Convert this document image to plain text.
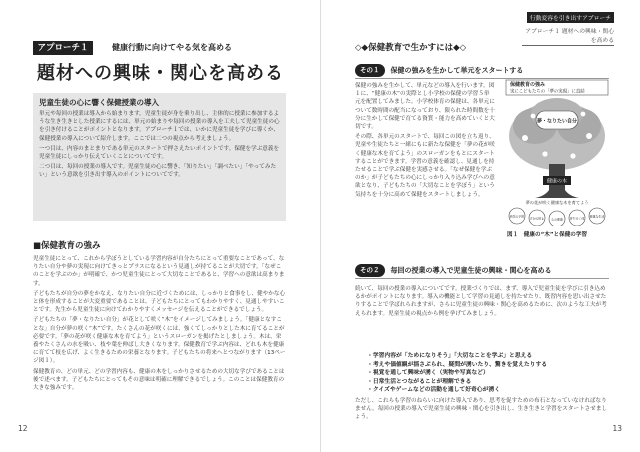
アプローチ１	健康行動に向けてやる気を高める
題材への興味・関心を高める
児童生徒の心に響く保健授業の導入

単元や毎回の授業は導入から始まります。児童生徒が身を乗り出し、主体的に授業に参加するような生き生きとした授業にするには、単元の始まりや毎回の授業の導入を工夫して児童生徒の心を引き付けることがポイントとなります。アプローチ１では、いかに児童生徒を学びに導くか、保健授業の導入について紹介します。ここでは二つの視点から考えましょう。

一つ目は、内容のまとまりである単元のスタートで押さえたいポイントです。保健を学ぶ意義を児童生徒にしっかり伝えていくことについてです。

二つ目は、毎回の授業の導入です。児童生徒の心に響き、「知りたい」「調べたい」「やってみたい」という意欲を引き出す導入のポイントについてです。

■保健教育の強み

児童生徒にとって、これから学ぼうとしている学習内容が自分たちにとって重要なことであって、なりたい自分や夢の実現に向けてきっとプラスになるという見通しが持てることが大切です。「なぜこのことを学ぶのか」が明確で、かつ児童生徒にとって大切なことであると、学習への意欲は高まります。

子どもたちが自分の夢をかなえ、なりたい自分に近づくためには、しっかりと食事をし、健やかな心と体を形成することが大変重要であることは、子どもたちにとってもわかりやすく、見通しやすいことです。先生から児童生徒に向けてわかりやすくメッセージを伝えることができるでしょう。

子どもたちの「夢・なりたい自分」が花として咲く“木”をイメージしてみましょう。「健康となすことな」自分が夢の咲く“木”です。たくさんの花が咲くには、強くてしっかりとした木に育てることが必要です。「夢の花が咲く健康な木を育てよう」というスローガンを掲げたとしましょう。木は、栄養やたくさんの水を吸い、枝や葉を伸ばし大きくなります。保健教育で学ぶ内容は、どれも木を健康に育てて枝を広げ、よく生きるための栄養となります。子どもたちの将来へとつながります（13ページ図１）。

保健教育の、どの単元、どの学習内容も、健康の木をしっかりさせるための大切な学びであることは後で述べます。子どもたちにとってもその意味は明確に理解できるでしょう。このことは保健教育の大きな強みです。

12
行動変容を引き出すアプローチ
アプローチ１ 題材への興味・関心を高める
◇◆保健教育で生かすには◆◇
その１ 保健の強みを生かして単元をスタートする

保健の強みを生かして、単元などの導入を行います。図１に、“健康の木”の実際とし小学校の保健の学習５単元を配置してみました。小学校体育の保健は、各単元について数時間の配当になっており、限られた時間数を十分に生かして保健で育てる資質・能力を高めていくと大切です。

その際、各単元のスタートで、毎回この図を立ち返り、児童や生徒たちと一緒にもに新たな保健を「夢の花が咲く健康な木を育てよう」のスローガンをもとにスタートすることができます。学習の意義を確認し、見通しを持たせることで学ぶ保健を実感させる。「なぜ保健を学ぶのか」が子どもたちの心にしっかり入り込み学びへの意欲となり、子どもたちの「大切なことを学ぼう」という気持ちを十分に高めて保健をスタートしましょう。

保健教育の強み
実にこどもたちの「夢の実現」に直結
夢・なりたい自分
健康の木
夢の花が咲く健康な木を育てよう
病気の予防 けがの防止 心の健康 育ちゆく体 健康な生活
図１　健康の“木”と保健の学習
その２ 毎回の授業の導入で児童生徒の興味・関心を高める

続いて、毎回の授業の導入についてです。授業づくりでは、まず、導入で児童生徒を学びに引き込めるかがポイントになります。導入の機能として学習の見通しを持たせたり、既習内容を思い出させたりすることで学ばれられますが、さらに児童生徒の興味・関心を高めるために、次のような工夫が考えられます。児童生徒の視点から例を挙げてみましょう。

・ 学習内容が「ためになりそう」「大切なことを学ぶ」と思える
・ 考えや価値観が揺さぶられ、疑問が湧いたり、驚きを覚えたりする
・ 視覚を通して興味が湧く（実物や写真など）
・ 日常生活とつながることが理解できる
・ クイズやゲームなどの活動を通して好奇心が湧く

ただし、これらも学習のねらいに向けた導入であり、思考を促すための布石となっていなければなりません。毎回の授業の導入で児童生徒の興味・関心を引き出し、生き生きと学習をスタートさせましょう。

13
